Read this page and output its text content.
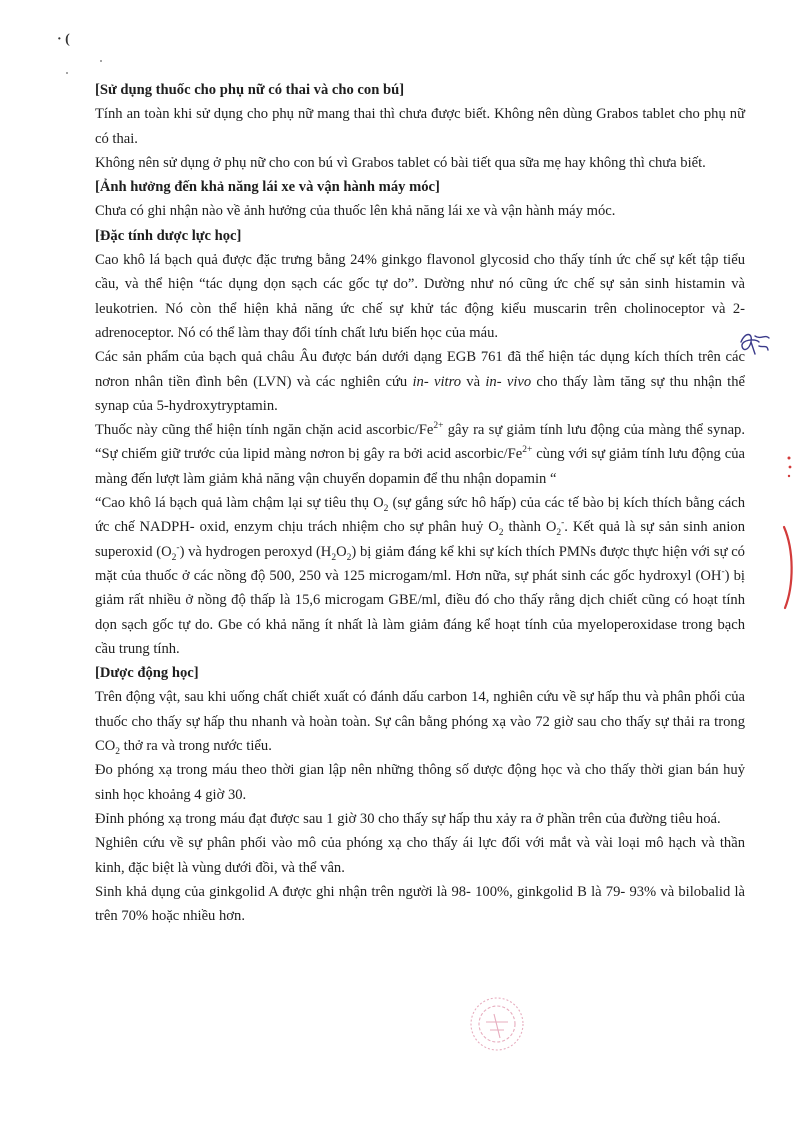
· (

[Sử dụng thuốc cho phụ nữ có thai và cho con bú]

Tính an toàn khi sử dụng cho phụ nữ mang thai thì chưa được biết. Không nên dùng Grabos tablet cho phụ nữ có thai.

Không nên sử dụng ở phụ nữ cho con bú vì Grabos tablet có bài tiết qua sữa mẹ hay không thì chưa biết.

[Ảnh hưởng đến khả năng lái xe và vận hành máy móc]

Chưa có ghi nhận nào về ảnh hưởng của thuốc lên khả năng lái xe và vận hành máy móc.

[Đặc tính dược lực học]

Cao khô lá bạch quả được đặc trưng bằng 24% ginkgo flavonol glycosid cho thấy tính ức chế sự kết tập tiểu cầu, và thể hiện “tác dụng dọn sạch các gốc tự do”. Dường như nó cũng ức chế sự sản sinh histamin và leukotrien. Nó còn thể hiện khả năng ức chế sự khử tác động kiểu muscarin trên cholinoceptor và 2- adrenoceptor. Nó có thể làm thay đổi tính chất lưu biến học của máu.

Các sản phẩm của bạch quả châu Âu được bán dưới dạng EGB 761 đã thể hiện tác dụng kích thích trên các nơron nhân tiền đình bên (LVN) và các nghiên cứu in- vitro và in- vivo cho thấy làm tăng sự thu nhận thể synap của 5-hydroxytryptamin.

Thuốc này cũng thể hiện tính ngăn chặn acid ascorbic/$Fe^{2+}$ gây ra sự giảm tính lưu động của màng thể synap. “Sự chiếm giữ trước của lipid màng nơron bị gây ra bởi acid ascorbic/$Fe^{2+}$ cùng với sự giảm tính lưu động của màng đến lượt làm giảm khả năng vận chuyển dopamin để thu nhận dopamin “

“Cao khô lá bạch quả làm chậm lại sự tiêu thụ $O_2$ (sự gắng sức hô hấp) của các tế bào bị kích thích bằng cách ức chế NADPH- oxid, enzym chịu trách nhiệm cho sự phân huỷ $O_2$ thành $O_2^-$. Kết quả là sự sản sinh anion superoxid $(O_2^-)$ và hydrogen peroxyd $(H_2O_2)$ bị giảm đáng kể khi sự kích thích PMNs được thực hiện với sự có mặt của thuốc ở các nồng độ 500, 250 và 125 microgam/ml. Hơn nữa, sự phát sinh các gốc hydroxyl (OH-) bị giảm rất nhiều ở nồng độ thấp là 15,6 microgam GBE/ml, điều đó cho thấy rằng dịch chiết cũng có hoạt tính dọn sạch gốc tự do. Gbe có khả năng ít nhất là làm giảm đáng kể hoạt tính của myeloperoxidase trong bạch cầu trung tính.

[Dược động học]

Trên động vật, sau khi uống chất chiết xuất có đánh dấu carbon 14, nghiên cứu về sự hấp thu và phân phối của thuốc cho thấy sự hấp thu nhanh và hoàn toàn. Sự cân bằng phóng xạ vào 72 giờ sau cho thấy sự thải ra trong $CO_2$ thở ra và trong nước tiểu.

Đo phóng xạ trong máu theo thời gian lập nên những thông số dược động học và cho thấy thời gian bán huỷ sinh học khoảng 4 giờ 30.

Đỉnh phóng xạ trong máu đạt được sau 1 giờ 30 cho thấy sự hấp thu xảy ra ở phần trên của đường tiêu hoá.

Nghiên cứu về sự phân phối vào mô của phóng xạ cho thấy ái lực đối với mắt và vài loại mô hạch và thần kinh, đặc biệt là vùng dưới đồi, và thể vân.

Sinh khả dụng của ginkgolid A được ghi nhận trên người là 98- 100%, ginkgolid B là 79- 93% và bilobalid là trên 70% hoặc nhiều hơn.
